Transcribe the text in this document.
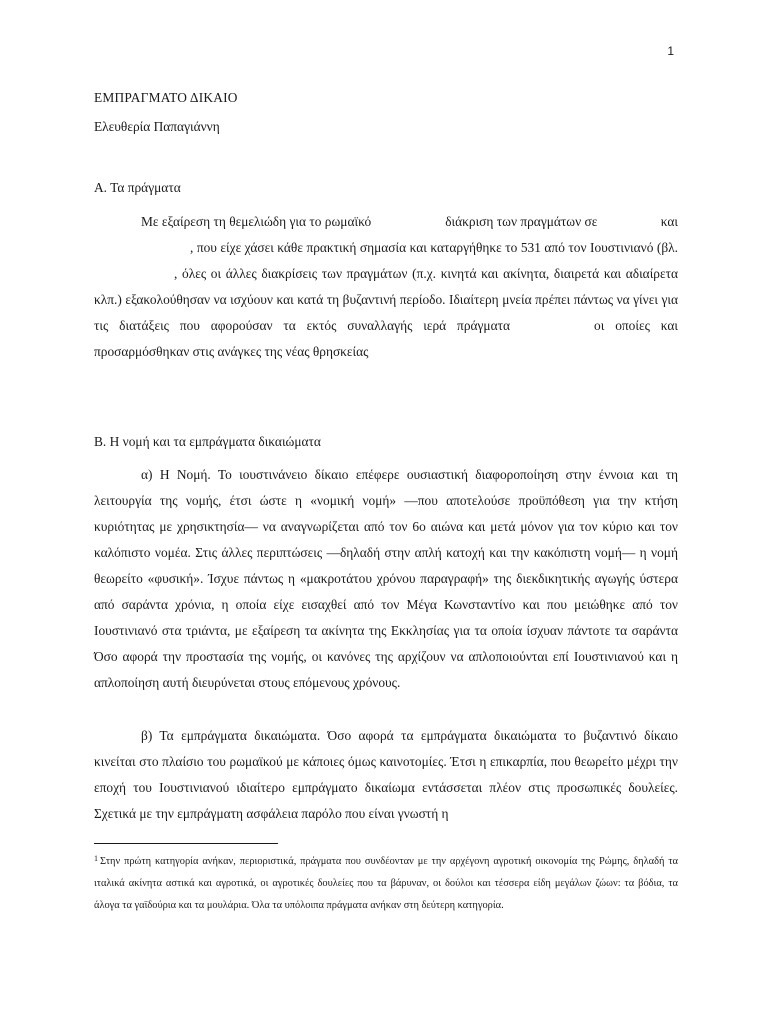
1
ΕΜΠΡΑΓΜΑΤΟ ΔΙΚΑΙΟ
Ελευθερία Παπαγιάννη
Α. Τα πράγματα

Με εξαίρεση τη θεμελιώδη για το ρωμαϊκό	διάκριση των πραγμάτων σε	και, που είχε χάσει κάθε πρακτική σημασία και καταργήθηκε το 531 από τον Ιουστινιανό (βλ., όλες οι άλλες διακρίσεις των πραγμάτων (π.χ. κινητά και ακίνητα, διαιρετά και αδιαίρετα κλπ.) εξακολούθησαν να ισχύουν και κατά τη βυζαντινή περίοδο. Ιδιαίτερη μνεία πρέπει πάντως να γίνει για τις διατάξεις που αφορούσαν τα εκτός συναλλαγής ιερά πράγματα	οι οποίες και προσαρμόσθηκαν στις ανάγκες της νέας θρησκείας

Β. Η νομή και τα εμπράγματα δικαιώματα

α) Η Νομή. Το ιουστινάνειο δίκαιο επέφερε ουσιαστική διαφοροποίηση στην έννοια και τη λειτουργία της νομής, έτσι ώστε η «νομική νομή» —που αποτελούσε προϋπόθεση για την κτήση κυριότητας με χρησικτησία— να αναγνωρίζεται από τον 6ο αιώνα και μετά μόνον για τον κύριο και τον καλόπιστο νομέα. Στις άλλες περιπτώσεις —δηλαδή στην απλή κατοχή και την κακόπιστη νομή— η νομή θεωρείτο «φυσική». Ίσχυε πάντως η «μακροτάτου χρόνου παραγραφή» της διεκδικητικής αγωγής ύστερα από σαράντα χρόνια, η οποία είχε εισαχθεί από τον Μέγα Κωνσταντίνο και που μειώθηκε από τον Ιουστινιανό στα τριάντα, με εξαίρεση τα ακίνητα της Εκκλησίας για τα οποία ίσχυαν πάντοτε τα σαράντα Όσο αφορά την προστασία της νομής, οι κανόνες της αρχίζουν να απλοποιούνται επί Ιουστινιανού και η απλοποίηση αυτή διευρύνεται στους επόμενους χρόνους.

β) Τα εμπράγματα δικαιώματα. Όσο αφορά τα εμπράγματα δικαιώματα το βυζαντινό δίκαιο κινείται στο πλαίσιο του ρωμαϊκού με κάποιες όμως καινοτομίες. Έτσι η επικαρπία, που θεωρείτο μέχρι την εποχή του Ιουστινιανού ιδιαίτερο εμπράγματο δικαίωμα εντάσσεται πλέον στις προσωπικές δουλείες. Σχετικά με την εμπράγματη ασφάλεια παρόλο που είναι γνωστή η

$^1$ Στην πρώτη κατηγορία ανήκαν, περιοριστικά, πράγματα που συνδέονταν με την αρχέγονη αγροτική οικονομία της Ρώμης, δηλαδή τα ιταλικά ακίνητα αστικά και αγροτικά, οι αγροτικές δουλείες που τα βάρυναν, οι δούλοι και τέσσερα είδη μεγάλων ζώων: τα βόδια, τα άλογα τα γαϊδούρια και τα μουλάρια. Όλα τα υπόλοιπα πράγματα ανήκαν στη δεύτερη κατηγορία.
